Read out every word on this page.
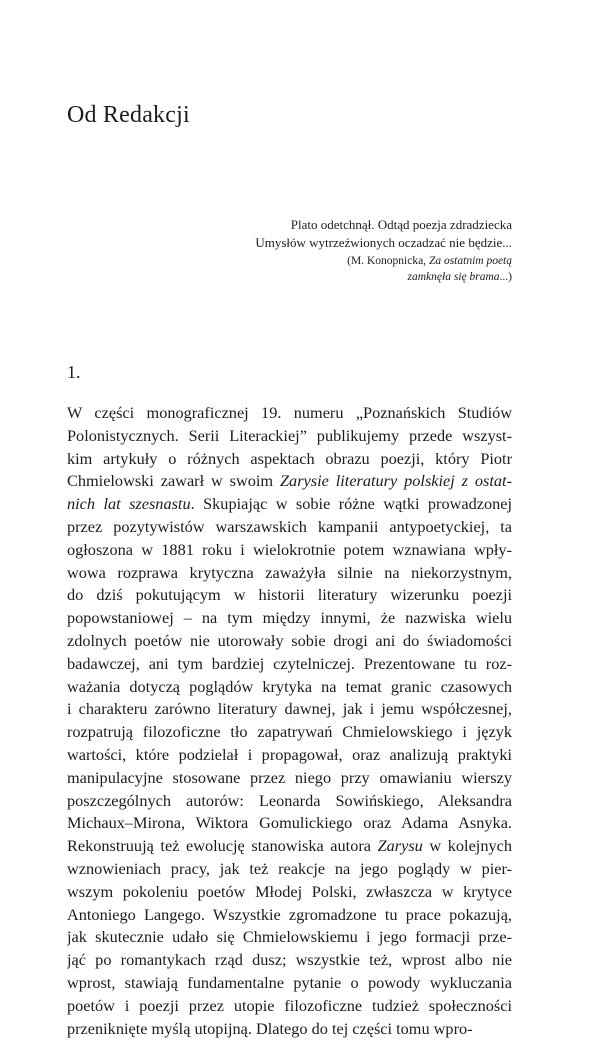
Od Redakcji
Plato odetchnął. Odtąd poezja zdradziecka
Umysłów wytrzeźwionych oczadzać nie będzie...
(M. Konopnicka, Za ostatnim poetą
zamknęła się brama...)
1.
W części monograficznej 19. numeru „Poznańskich Studiów
Polonistycznych. Serii Literackiej” publikujemy przede wszyst-
kim artykuły o różnych aspektach obrazu poezji, który Piotr
Chmielowski zawarł w swoim Zarysie literatury polskiej z ostat-
nich lat szesnastu. Skupiając w sobie różne wątki prowadzonej
przez pozytywistów warszawskich kampanii antypoetyckiej, ta
ogłoszona w 1881 roku i wielokrotnie potem wznawiana wpły-
wowa rozprawa krytyczna zaważyła silnie na niekorzystnym,
do dziś pokutującym w historii literatury wizerunku poezji
popowstaniowej – na tym między innymi, że nazwiska wielu
zdolnych poetów nie utorowały sobie drogi ani do świadomości
badawczej, ani tym bardziej czytelniczej. Prezentowane tu roz-
ważania dotyczą poglądów krytyka na temat granic czasowych
i charakteru zarówno literatury dawnej, jak i jemu współczesnej,
rozpatrują filozoficzne tło zapatrywań Chmielowskiego i język
wartości, które podzielał i propagował, oraz analizują praktyki
manipulacyjne stosowane przez niego przy omawianiu wierszy
poszczególnych autorów: Leonarda Sowińskiego, Aleksandra
Michaux–Mirona, Wiktora Gomulickiego oraz Adama Asnyka.
Rekonstruują też ewolucję stanowiska autora Zarysu w kolejnych
wznowieniach pracy, jak też reakcje na jego poglądy w pier-
wszym pokoleniu poetów Młodej Polski, zwłaszcza w krytyce
Antoniego Langego. Wszystkie zgromadzone tu prace pokazują,
jak skutecznie udało się Chmielowskiemu i jego formacji prze-
jąć po romantykach rząd dusz; wszystkie też, wprost albo nie
wprost, stawiają fundamentalne pytanie o powody wykluczania
poetów i poezji przez utopie filozoficzne tudzież społeczności
przeniknięte myślą utopijną. Dlatego do tej części tomu wpro-
